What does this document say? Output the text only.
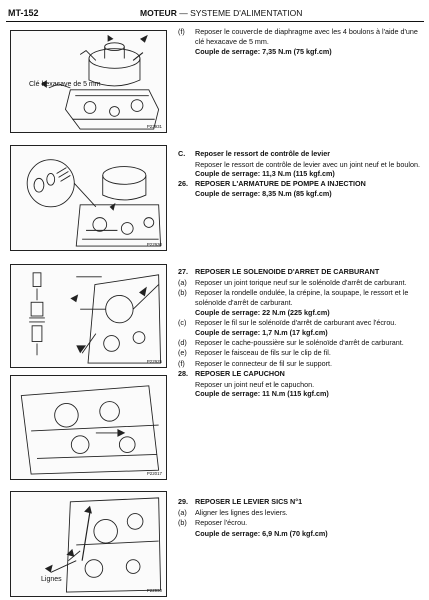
MT-152	MOTEUR — SYSTEME D'ALIMENTATION
Clé hexacave de 5 mm
P22931
P22930
P22925
P22017
Lignes
P22990
(f)	Reposer le couvercle de diaphragme avec les 4 boulons à l'aide d'une clé hexacave de 5 mm.
Couple de serrage: 7,35 N.m (75 kgf.cm)
C.	Reposer le ressort de contrôle de levier
Reposer le ressort de contrôle de levier avec un joint neuf et le boulon.
Couple de serrage: 11,3 N.m (115 kgf.cm)
26. REPOSER L'ARMATURE DE POMPE A INJECTION
Couple de serrage: 8,35 N.m (85 kgf.cm)
27. REPOSER LE SOLENOIDE D'ARRET DE CARBURANT
(a)	Reposer un joint torique neuf sur le solénoïde d'arrêt de carburant.
(b)	Reposer la rondelle ondulée, la crépine, la soupape, le ressort et le solénoïde d'arrêt de carburant.
Couple de serrage: 22 N.m (225 kgf.cm)
(c)	Reposer le fil sur le solénoïde d'arrêt de carburant avec l'écrou.
Couple de serrage: 1,7 N.m (17 kgf.cm)
(d)	Reposer le cache-poussière sur le solénoïde d'arrêt de carburant.
(e)	Reposer le faisceau de fils sur le clip de fil.
(f)	Reposer le connecteur de fil sur le support.
28. REPOSER LE CAPUCHON
Reposer un joint neuf et le capuchon.
Couple de serrage: 11 N.m (115 kgf.cm)
29. REPOSER LE LEVIER SICS N°1
(a)	Aligner les lignes des leviers.
(b)	Reposer l'écrou.
Couple de serrage: 6,9 N.m (70 kgf.cm)
